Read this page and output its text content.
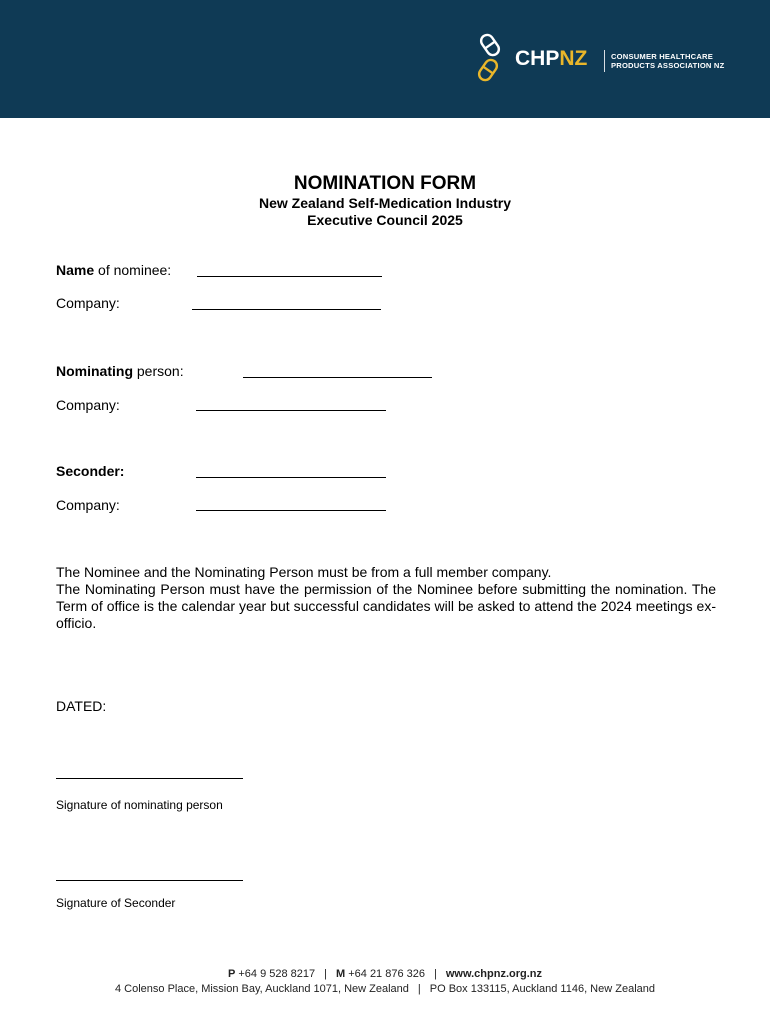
CHPNZ	CONSUMER HEALTHCARE
PRODUCTS ASSOCIATION NZ
NOMINATION FORM
New Zealand Self-Medication Industry
Executive Council 2025
Name of nominee:
Company:
Nominating person:
Company:
Seconder:
Company:

The Nominee and the Nominating Person must be from a full member company.

The Nominating Person must have the permission of the Nominee before submitting the nomination. The Term of office is the calendar year but successful candidates will be asked to attend the 2024 meetings ex-officio.

DATED:
Signature of nominating person
Signature of Seconder
P +64 9 528 8217 | M +64 21 876 326 | www.chpnz.org.nz
4 Colenso Place, Mission Bay, Auckland 1071, New Zealand | PO Box 133115, Auckland 1146, New Zealand
